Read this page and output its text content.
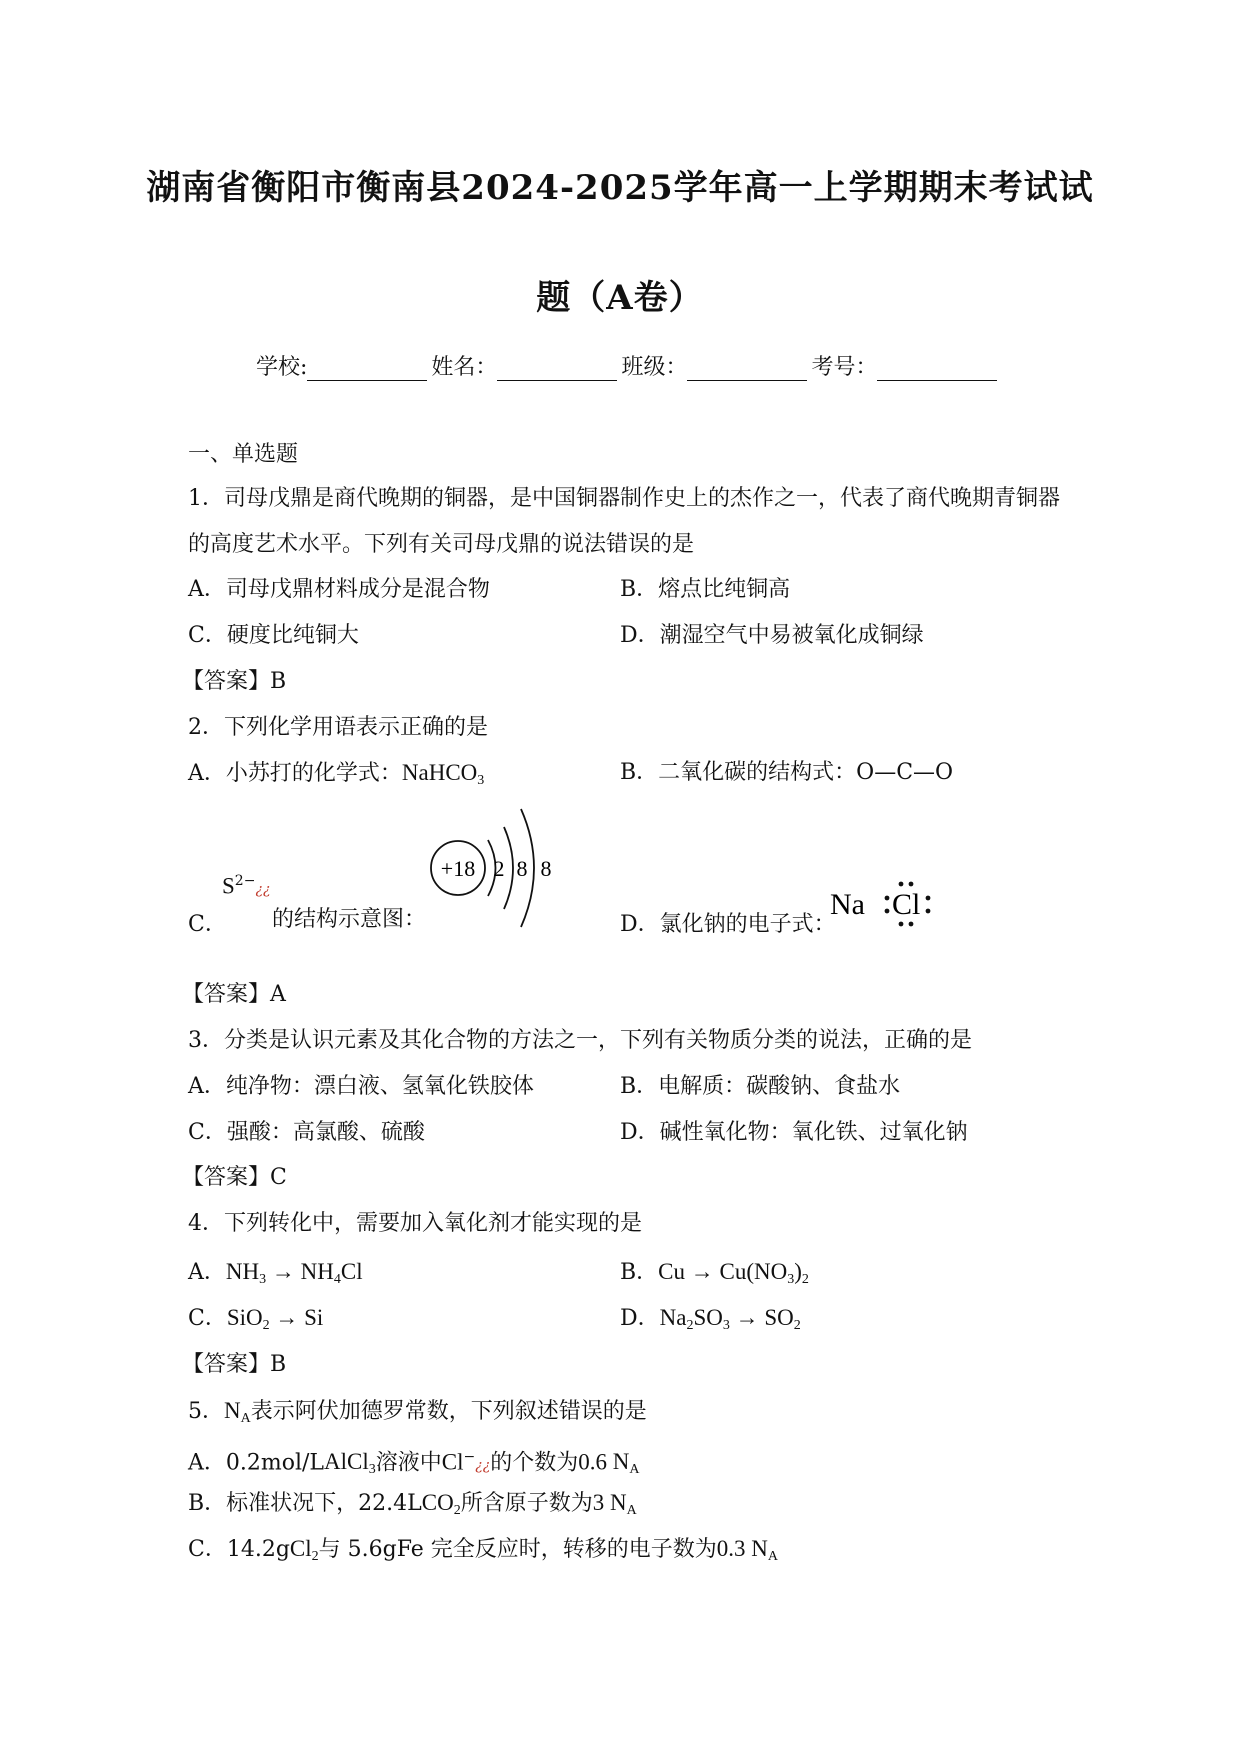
湖南省衡阳市衡南县2024-2025学年高一上学期期末考试试
题（A卷）
学校:	姓名：	班级：	考号：
一、单选题
1．司母戊鼎是商代晚期的铜器，是中国铜器制作史上的杰作之一，代表了商代晚期青铜器
的高度艺术水平。下列有关司母戊鼎的说法错误的是
A．司母戊鼎材料成分是混合物	B．熔点比纯铜高
C．硬度比纯铜大	D．潮湿空气中易被氧化成铜绿
【答案】B
2．下列化学用语表示正确的是
A．小苏打的化学式：NaHCO$_3$	B．二氧化碳的结构式：O—C—O
$S^{2-}¿¿$
C． 的结构示意图：
+18 2 8 8
D．氯化钠的电子式：
Na Cl
【答案】A
3．分类是认识元素及其化合物的方法之一，下列有关物质分类的说法，正确的是
A．纯净物：漂白液、氢氧化铁胶体	B．电解质：碳酸钠、食盐水
C．强酸：高氯酸、硫酸	D．碱性氧化物：氧化铁、过氧化钠
【答案】C
4．下列转化中，需要加入氧化剂才能实现的是
A．$NH_3 \to NH_4Cl$	B．$Cu \to Cu(NO_3)_2$
C．SiO$_2$ → Si	D．$Na_2SO_3 \to SO_2$
【答案】B
5．$N_A$表示阿伏加德罗常数，下列叙述错误的是
A．0.2mol/LAlCl$_3$溶液中Cl−¿¿的个数为0.6 $N_A$
B．标准状况下，$22.4LCO_2$所含原子数为3 $N_A$
C．14.2gCl$_2$与 5.6gFe 完全反应时，转移的电子数为0.3 $N_A$
